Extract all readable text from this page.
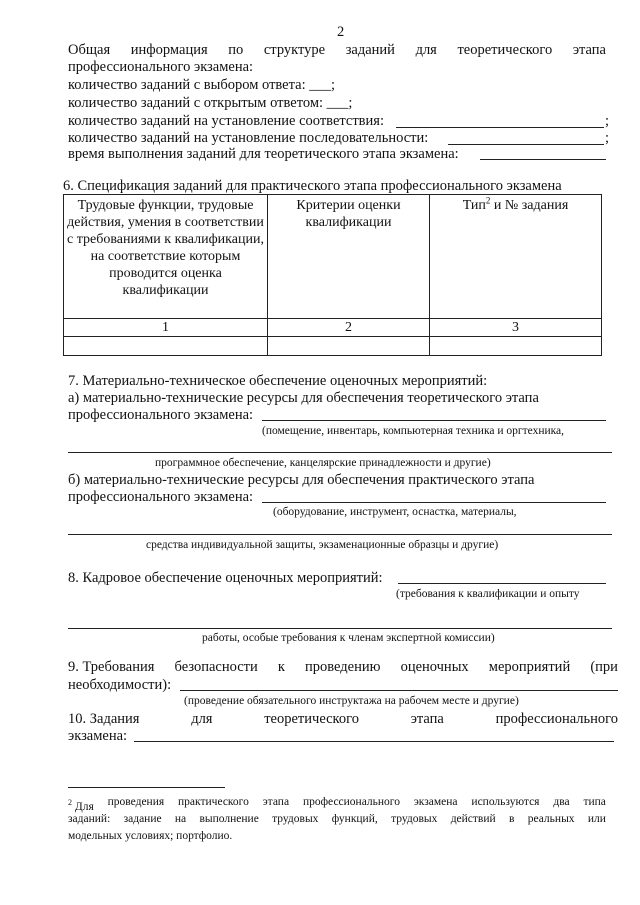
2
Общая информация по структуре заданий для теоретического этапа
профессионального экзамена:
количество заданий с выбором ответа: ___;
количество заданий с открытым ответом: ___;
количество заданий на установление соответствия:	;
количество заданий на установление последовательности:	;
время выполнения заданий для теоретического этапа экзамена:
6. Спецификация заданий для практического этапа профессионального экзамена
Трудовые функции, трудовые действия, умения в соответствии с требованиями к квалификации, на соответствие которым проводится оценка квалификации	Критерии оценки квалификации	Тип$^2$ и № задания
1	2	3

7. Материально-техническое обеспечение оценочных мероприятий:
а) материально-технические ресурсы для обеспечения теоретического этапа
профессионального экзамена:
(помещение, инвентарь, компьютерная техника и оргтехника,
программное обеспечение, канцелярские принадлежности и другие)
б) материально-технические ресурсы для обеспечения практического этапа
профессионального экзамена:
(оборудование, инструмент, оснастка, материалы,
средства индивидуальной защиты, экзаменационные образцы и другие)
8. Кадровое обеспечение оценочных мероприятий:
(требования к квалификации и опыту
работы, особые требования к членам экспертной комиссии)
9. Требования безопасности к проведению оценочных мероприятий (при
необходимости):
(проведение обязательного инструктажа на рабочем месте и другие)
10. Задания	для	теоретического	этапа	профессионального
экзамена:
$^2$ Для проведения практического этапа профессионального экзамена используются два типа
заданий: задание на выполнение трудовых функций, трудовых действий в реальных или
модельных условиях; портфолио.
